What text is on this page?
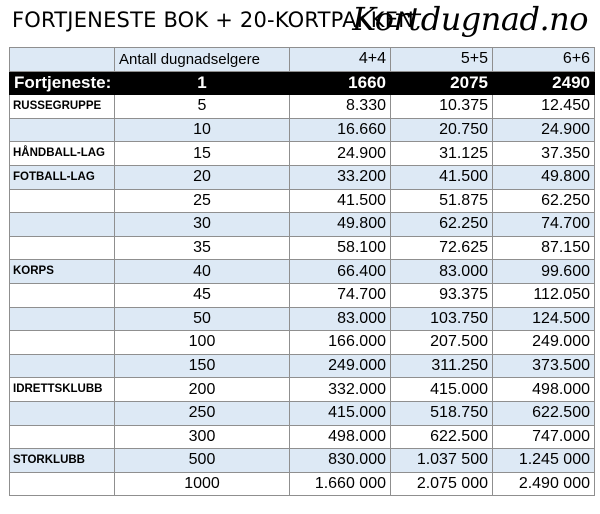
FORTJENESTE BOK + 20-KORTPAKKEN
Kortdugnad.no
	Antall dugnadselgere	4+4	5+5	6+6
Fortjeneste:	1	1660	2075	2490
RUSSEGRUPPE	5	8.330	10.375	12.450
	10	16.660	20.750	24.900
HÅNDBALL-LAG	15	24.900	31.125	37.350
FOTBALL-LAG	20	33.200	41.500	49.800
	25	41.500	51.875	62.250
	30	49.800	62.250	74.700
	35	58.100	72.625	87.150
KORPS	40	66.400	83.000	99.600
	45	74.700	93.375	112.050
	50	83.000	103.750	124.500
	100	166.000	207.500	249.000
	150	249.000	311.250	373.500
IDRETTSKLUBB	200	332.000	415.000	498.000
	250	415.000	518.750	622.500
	300	498.000	622.500	747.000
STORKLUBB	500	830.000	1.037 500	1.245 000
	1000	1.660 000	2.075 000	2.490 000
